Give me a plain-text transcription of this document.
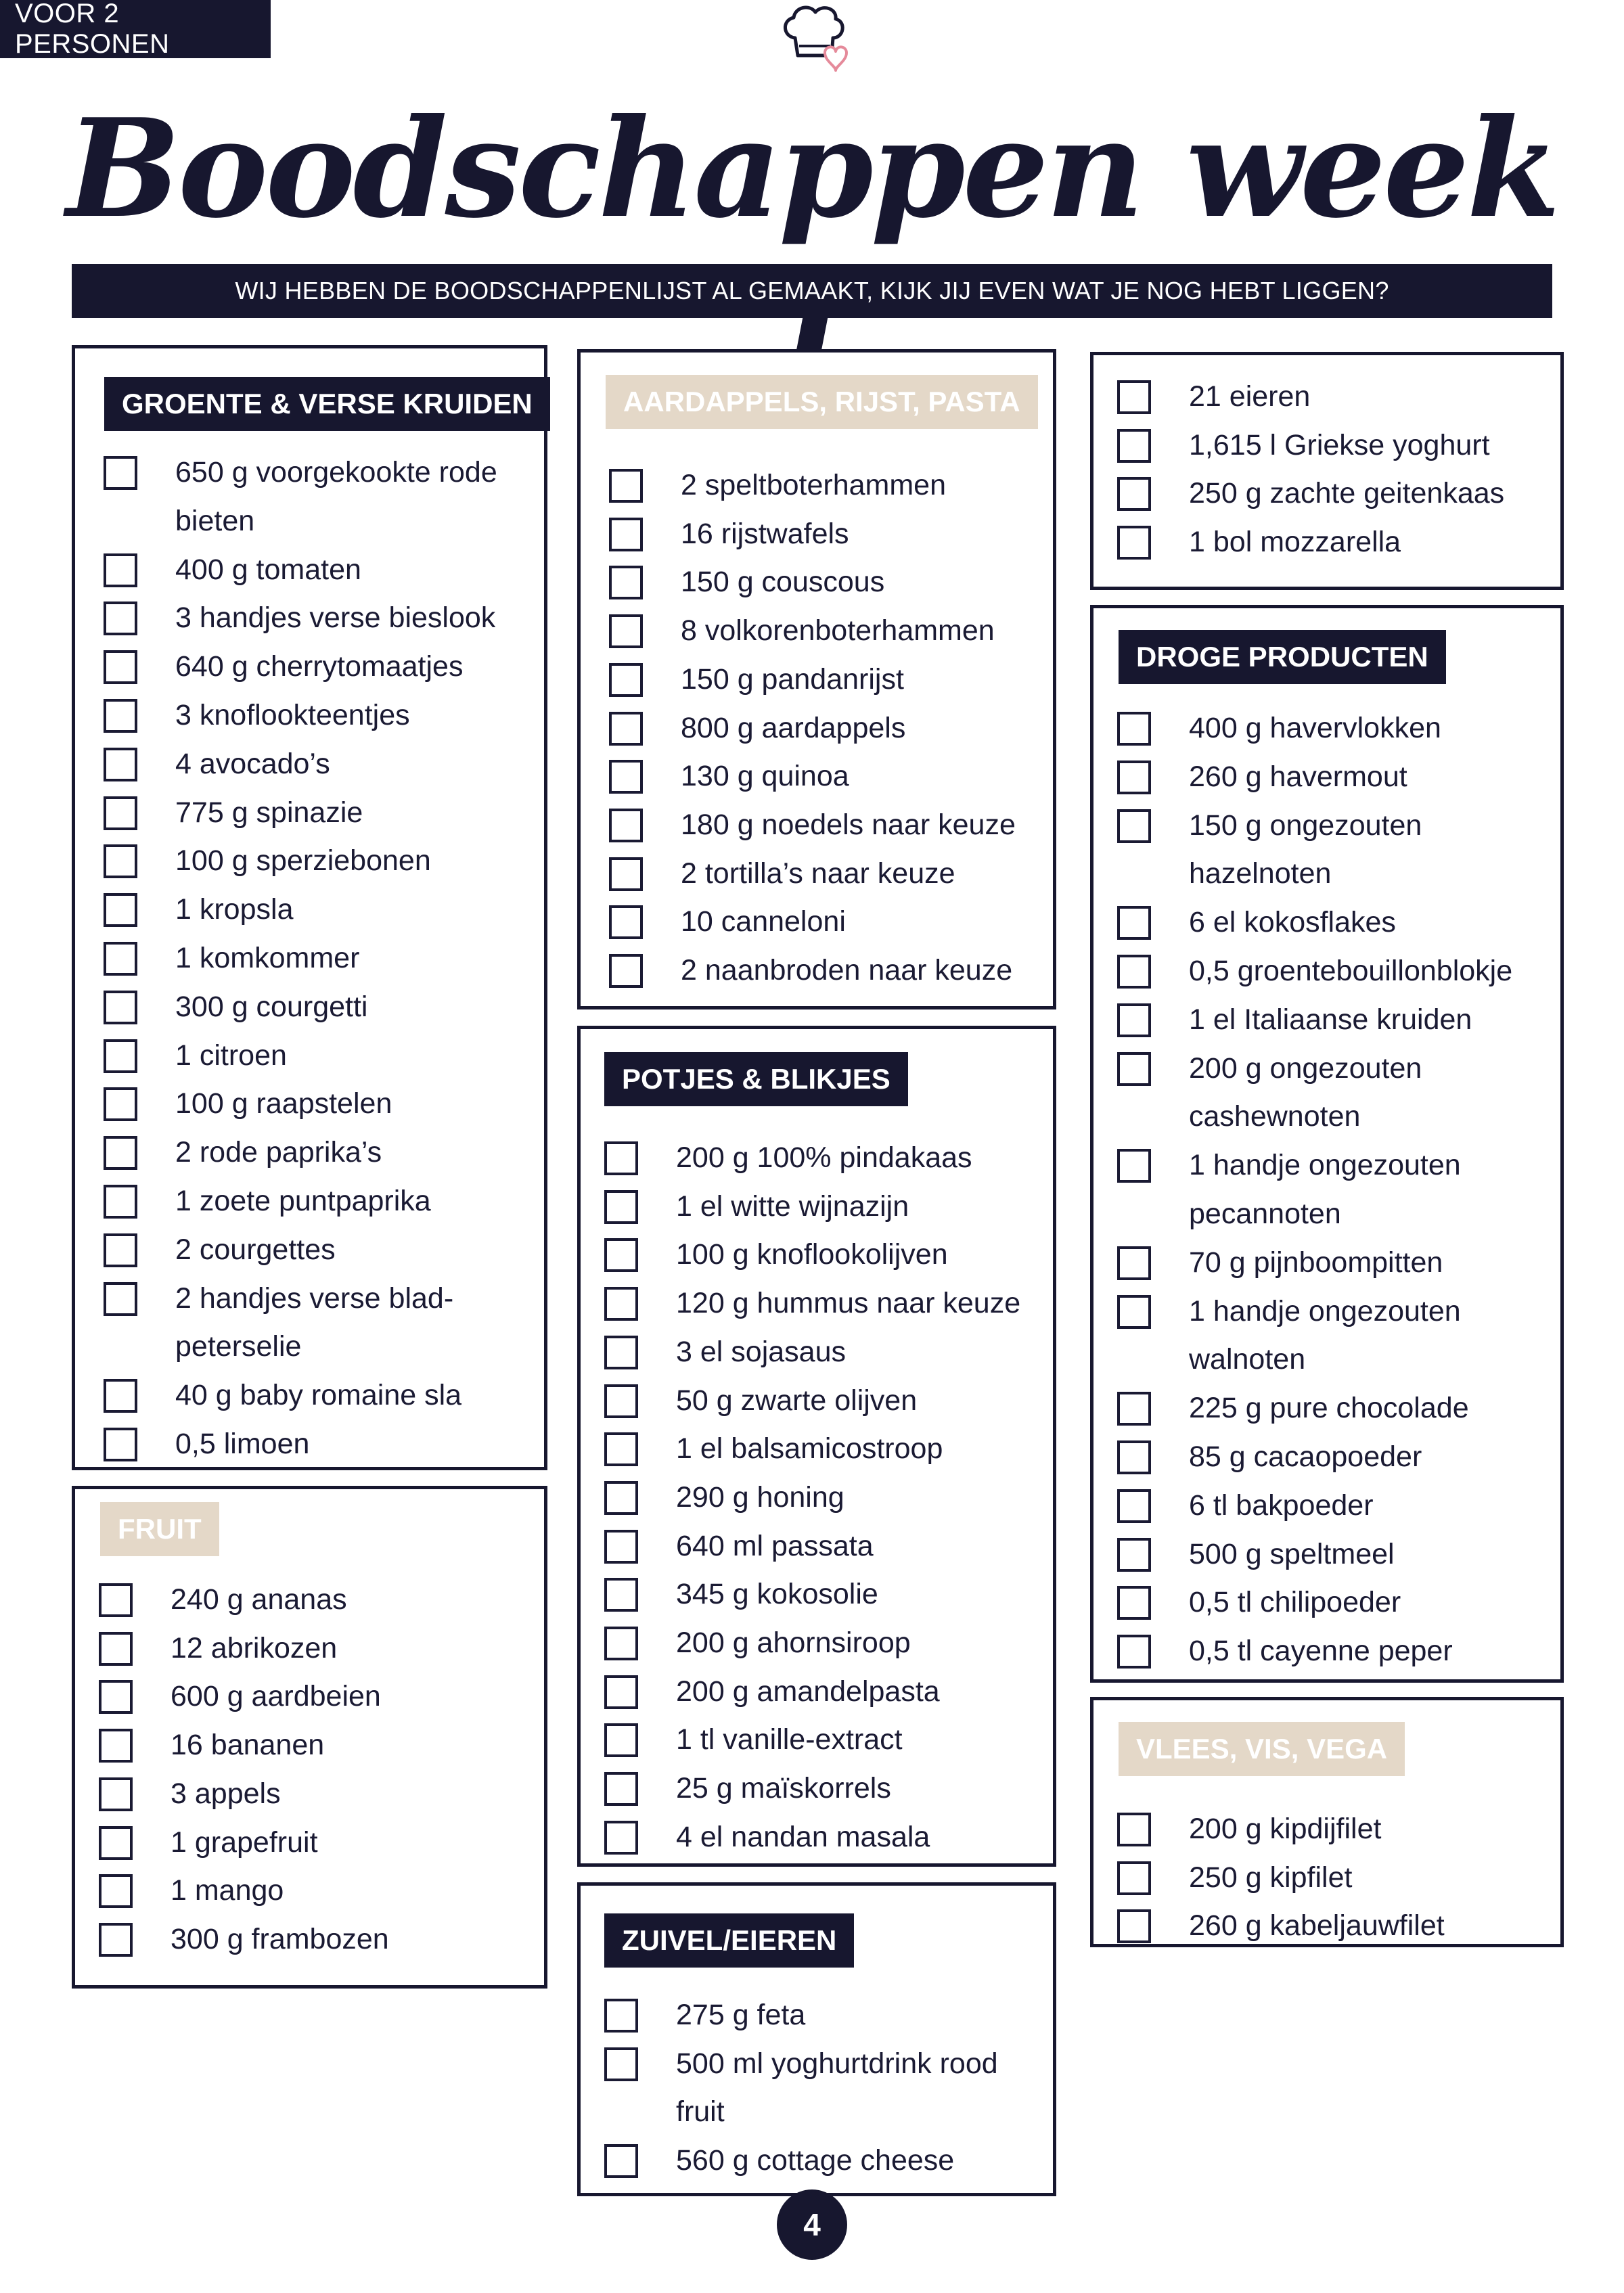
VOOR 2 PERSONEN
Boodschappen week
WIJ HEBBEN DE BOODSCHAPPENLIJST AL GEMAAKT, KIJK JIJ EVEN WAT JE NOG HEBT LIGGEN?
GROENTE & VERSE KRUIDEN
650 g voorgekookte rode
bieten
400 g tomaten
3 handjes verse bieslook
640 g cherrytomaatjes
3 knoflookteentjes
4 avocado’s
775 g spinazie
100 g sperziebonen
1 kropsla
1 komkommer
300 g courgetti
1 citroen
100 g raapstelen
2 rode paprika’s
1 zoete puntpaprika
2 courgettes
2 handjes verse blad-
peterselie
40 g baby romaine sla
0,5 limoen
FRUIT
240 g ananas
12 abrikozen
600 g aardbeien
16 bananen
3 appels
1 grapefruit
1 mango
300 g frambozen
AARDAPPELS, RIJST, PASTA
2 speltboterhammen
16 rijstwafels
150 g couscous
8 volkorenboterhammen
150 g pandanrijst
800 g aardappels
130 g quinoa
180 g noedels naar keuze
2 tortilla’s naar keuze
10 canneloni
2 naanbroden naar keuze
POTJES & BLIKJES
200 g 100% pindakaas
1 el witte wijnazijn
100 g knoflookolijven
120 g hummus naar keuze
3 el sojasaus
50 g zwarte olijven
1 el balsamicostroop
290 g honing
640 ml passata
345 g kokosolie
200 g ahornsiroop
200 g amandelpasta
1 tl vanille-extract
25 g maïskorrels
4 el nandan masala
ZUIVEL/EIEREN
275 g feta
500 ml yoghurtdrink rood
fruit
560 g cottage cheese
21 eieren
1,615 l Griekse yoghurt
250 g zachte geitenkaas
1 bol mozzarella
DROGE PRODUCTEN
400 g havervlokken
260 g havermout
150 g ongezouten
hazelnoten
6 el kokosflakes
0,5 groentebouillonblokje
1 el Italiaanse kruiden
200 g ongezouten
cashewnoten
1 handje ongezouten
pecannoten
70 g pijnboompitten
1 handje ongezouten
walnoten
225 g pure chocolade
85 g cacaopoeder
6 tl bakpoeder
500 g speltmeel
0,5 tl chilipoeder
0,5 tl cayenne peper
VLEES, VIS, VEGA
200 g kipdijfilet
250 g kipfilet
260 g kabeljauwfilet
4
